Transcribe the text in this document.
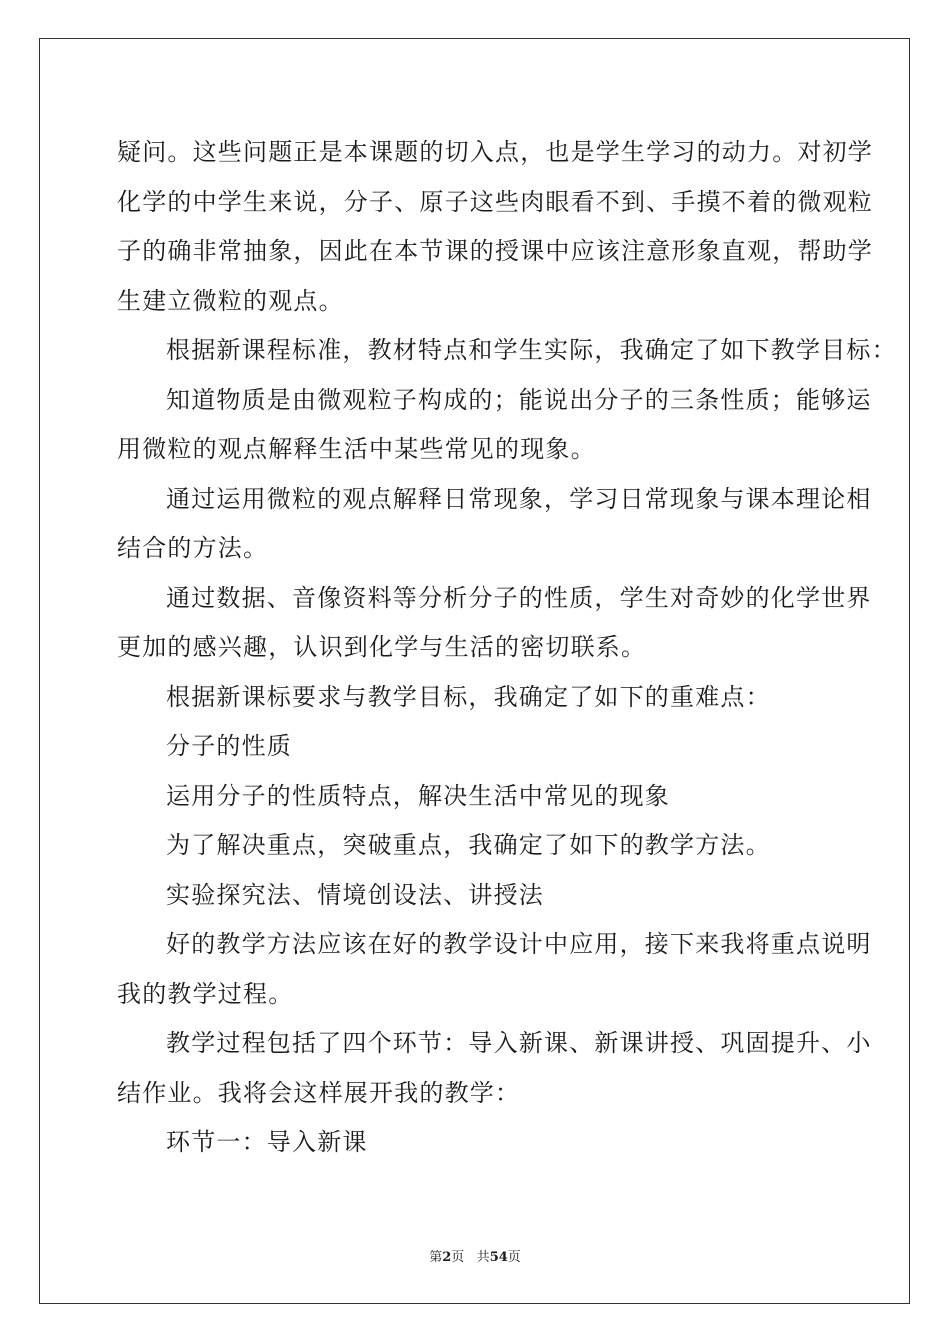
疑问。这些问题正是本课题的切入点，也是学生学习的动力。对初学

化学的中学生来说，分子、原子这些肉眼看不到、手摸不着的微观粒

子的确非常抽象，因此在本节课的授课中应该注意形象直观，帮助学

生建立微粒的观点。

根据新课程标准，教材特点和学生实际，我确定了如下教学目标：

知道物质是由微观粒子构成的；能说出分子的三条性质；能够运

用微粒的观点解释生活中某些常见的现象。

通过运用微粒的观点解释日常现象，学习日常现象与课本理论相

结合的方法。

通过数据、音像资料等分析分子的性质，学生对奇妙的化学世界

更加的感兴趣，认识到化学与生活的密切联系。

根据新课标要求与教学目标，我确定了如下的重难点：

分子的性质

运用分子的性质特点，解决生活中常见的现象

为了解决重点，突破重点，我确定了如下的教学方法。

实验探究法、情境创设法、讲授法

好的教学方法应该在好的教学设计中应用，接下来我将重点说明

我的教学过程。

教学过程包括了四个环节：导入新课、新课讲授、巩固提升、小

结作业。我将会这样展开我的教学：

环节一：导入新课

第2页 共54页
